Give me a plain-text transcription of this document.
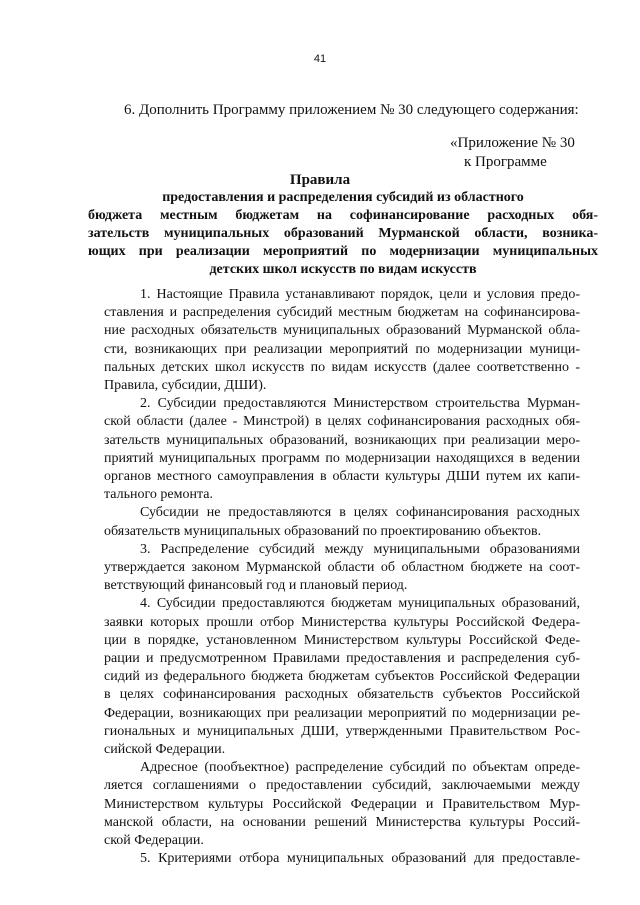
41
6. Дополнить Программу приложением № 30 следующего содержания:
«Приложение № 30
к Программе
Правила
предоставления и распределения субсидий из областного
бюджета местным бюджетам на софинансирование расходных обя-
зательств муниципальных образований Мурманской области, возника-
ющих при реализации мероприятий по модернизации муниципальных
детских школ искусств по видам искусств
1. Настоящие Правила устанавливают порядок, цели и условия предо-
ставления и распределения субсидий местным бюджетам на софинансирова-
ние расходных обязательств муниципальных образований Мурманской обла-
сти, возникающих при реализации мероприятий по модернизации муници-
пальных детских школ искусств по видам искусств (далее соответственно -
Правила, субсидии, ДШИ).
2. Субсидии предоставляются Министерством строительства Мурман-
ской области (далее - Минстрой) в целях софинансирования расходных обя-
зательств муниципальных образований, возникающих при реализации меро-
приятий муниципальных программ по модернизации находящихся в ведении
органов местного самоуправления в области культуры ДШИ путем их капи-
тального ремонта.
Субсидии не предоставляются в целях софинансирования расходных
обязательств муниципальных образований по проектированию объектов.
3. Распределение субсидий между муниципальными образованиями
утверждается законом Мурманской области об областном бюджете на соот-
ветствующий финансовый год и плановый период.
4. Субсидии предоставляются бюджетам муниципальных образований,
заявки которых прошли отбор Министерства культуры Российской Федера-
ции в порядке, установленном Министерством культуры Российской Феде-
рации и предусмотренном Правилами предоставления и распределения суб-
сидий из федерального бюджета бюджетам субъектов Российской Федерации
в целях софинансирования расходных обязательств субъектов Российской
Федерации, возникающих при реализации мероприятий по модернизации ре-
гиональных и муниципальных ДШИ, утвержденными Правительством Рос-
сийской Федерации.
Адресное (пообъектное) распределение субсидий по объектам опреде-
ляется соглашениями о предоставлении субсидий, заключаемыми между
Министерством культуры Российской Федерации и Правительством Мур-
манской области, на основании решений Министерства культуры Россий-
ской Федерации.
5. Критериями отбора муниципальных образований для предоставле-
